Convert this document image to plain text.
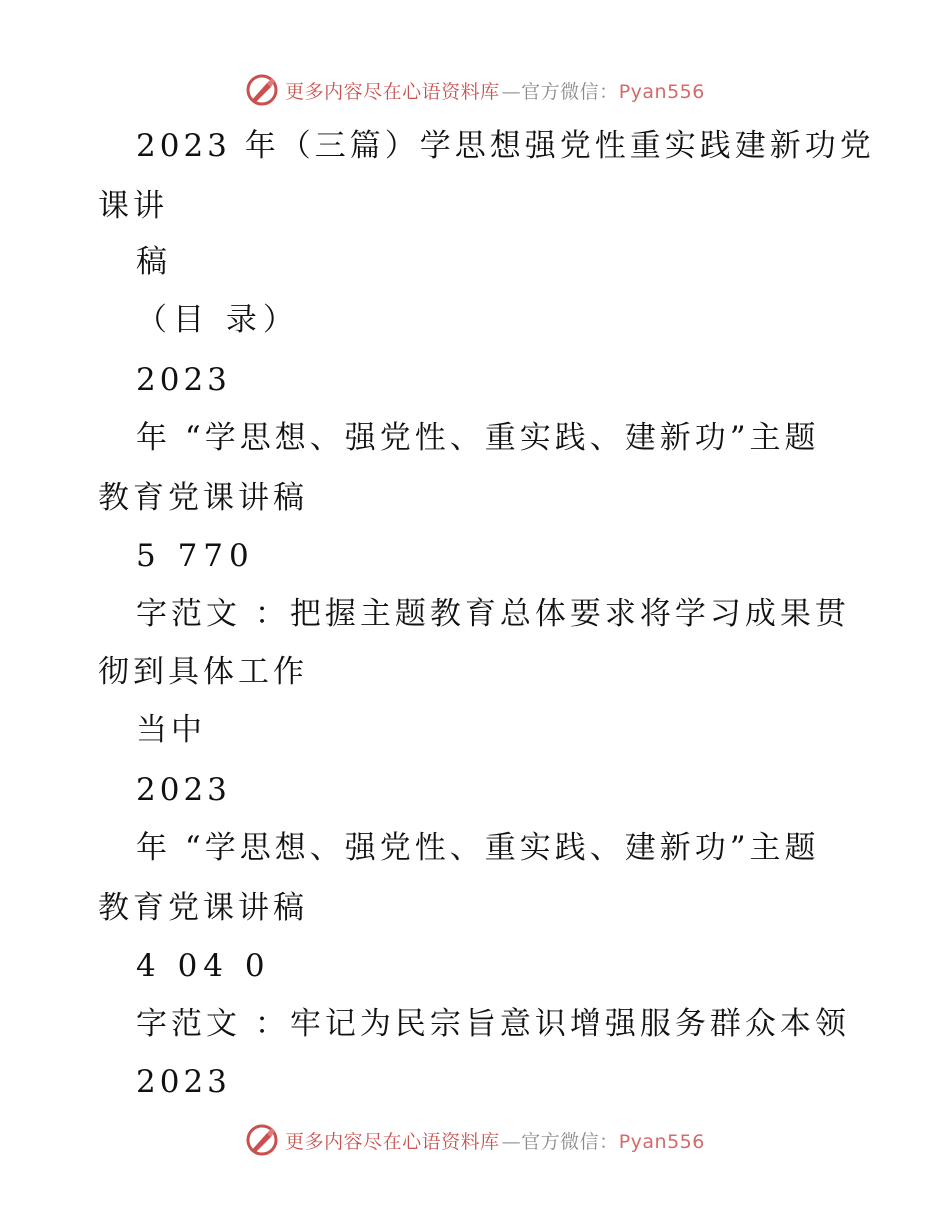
更多内容尽在心语资料库 —官方微信：Pyan556
2023 年（三篇）学思想强党性重实践建新功党
课讲
稿
（目 录）
2023
年 “学思想、强党性、重实践、建新功”主题
教育党课讲稿
5 770
字范文 ：把握主题教育总体要求将学习成果贯
彻到具体工作
当中
2023
年 “学思想、强党性、重实践、建新功”主题
教育党课讲稿
4 04 0
字范文 ：牢记为民宗旨意识增强服务群众本领
2023
更多内容尽在心语资料库 —官方微信：Pyan556
